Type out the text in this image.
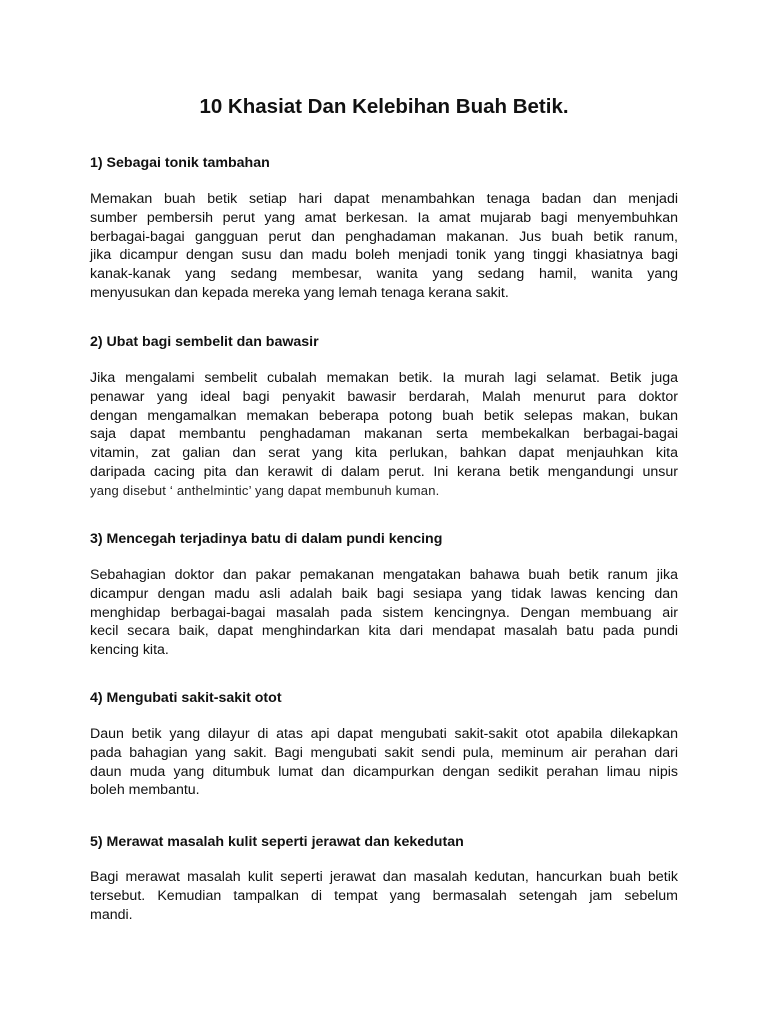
10 Khasiat Dan Kelebihan Buah Betik.
1) Sebagai tonik tambahan

Memakan buah betik setiap hari dapat menambahkan tenaga badan dan menjadi
sumber pembersih perut yang amat berkesan. Ia amat mujarab bagi menyembuhkan
berbagai-bagai gangguan perut dan penghadaman makanan. Jus buah betik ranum,
jika dicampur dengan susu dan madu boleh menjadi tonik yang tinggi khasiatnya bagi
kanak-kanak yang sedang membesar, wanita yang sedang hamil, wanita yang
menyusukan dan kepada mereka yang lemah tenaga kerana sakit.

2) Ubat bagi sembelit dan bawasir

Jika mengalami sembelit cubalah memakan betik. Ia murah lagi selamat. Betik juga
penawar yang ideal bagi penyakit bawasir berdarah, Malah menurut para doktor
dengan mengamalkan memakan beberapa potong buah betik selepas makan, bukan
saja dapat membantu penghadaman makanan serta membekalkan berbagai-bagai
vitamin, zat galian dan serat yang kita perlukan, bahkan dapat menjauhkan kita
daripada cacing pita dan kerawit di dalam perut. Ini kerana betik mengandungi unsur
yang disebut ‘ anthelmintic’ yang dapat membunuh kuman.

3) Mencegah terjadinya batu di dalam pundi kencing

Sebahagian doktor dan pakar pemakanan mengatakan bahawa buah betik ranum jika
dicampur dengan madu asli adalah baik bagi sesiapa yang tidak lawas kencing dan
menghidap berbagai-bagai masalah pada sistem kencingnya. Dengan membuang air
kecil secara baik, dapat menghindarkan kita dari mendapat masalah batu pada pundi
kencing kita.

4) Mengubati sakit-sakit otot

Daun betik yang dilayur di atas api dapat mengubati sakit-sakit otot apabila dilekapkan
pada bahagian yang sakit. Bagi mengubati sakit sendi pula, meminum air perahan dari
daun muda yang ditumbuk lumat dan dicampurkan dengan sedikit perahan limau nipis
boleh membantu.

5) Merawat masalah kulit seperti jerawat dan kekedutan

Bagi merawat masalah kulit seperti jerawat dan masalah kedutan, hancurkan buah betik
tersebut. Kemudian tampalkan di tempat yang bermasalah setengah jam sebelum
mandi.
